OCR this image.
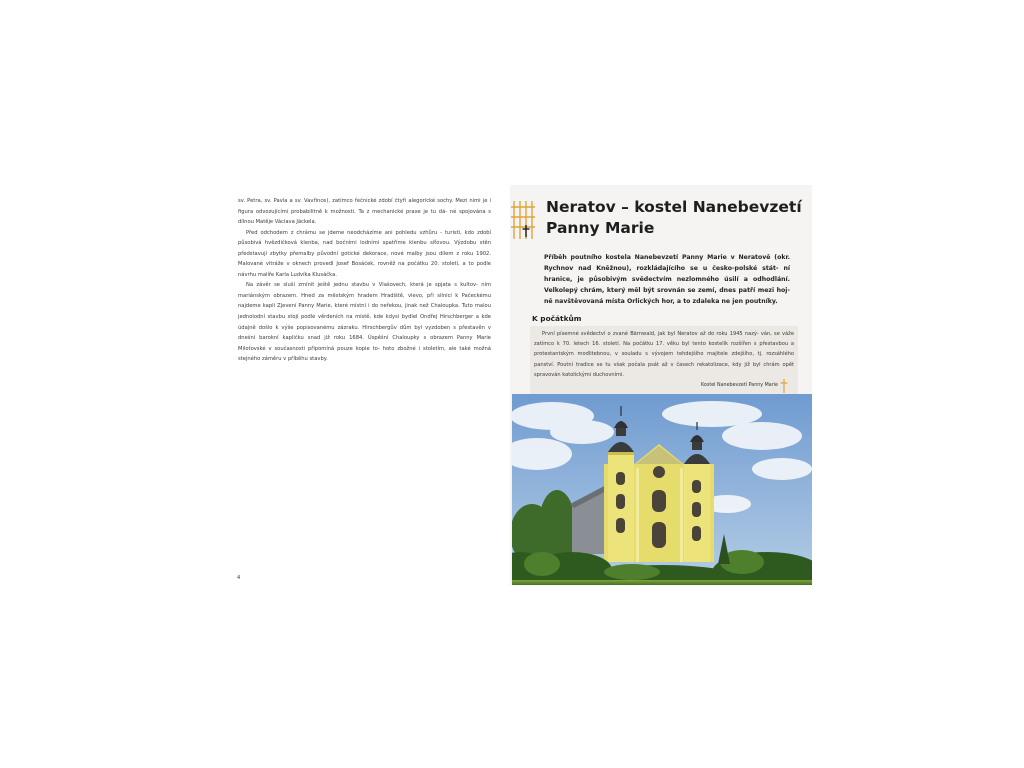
sv. Petra, sv. Pavla a sv. Vavřince), zatímco řečnické zdobí čtyři alegorické sochy. Mezi nimi je i figura odvozujícími probabilitně k možnosti. Ta z mechanické praxe je tu dá- né spojována s dílnou Matěje Václava Jäckela.

Před odchodem z chrámu se jdeme neodcházíme ani pohledu vzhůru - turisti, kdo zdobí působivá hvězdičková klenba, nad bočními lodními spatříme klenbu síťovou. Výzdobu stěn představují zbytky přemalby původní gotické dekorace, nové malby jsou dílem z roku 1902. Malované vitráže v oknech provedl Josef Bosáček, rovněž na počátku 20. století, a to podle návrhu malíře Karla Ludvíka Klusáčka.

Na závěr se sluší zmínit ještě jednu stavbu v Vlašovech, která je spjata s kultov- ním mariánským obrazem. Hned za městským hradem Hradiště, vlevo, při silnici k Pačeckému najdeme kapli Zjevení Panny Marie, které místní i do neřekou, jinak než Chaloupka. Tuto malou jednolodní stavbu stojí podle věrdeních na místě, kde kdysi bydlel Ondřej Hirschberger a kde údajně došlo k výše popisovanému zázraku. Hirschbergův dům byl vyzdoben s přestavěn v dnešní barokní kapličku snad již roku 1684. Úspěšní Chaloupky s obrazem Panny Marie Milotovské v současnosti připomíná pouze kopie to- hoto zbožné i stoletím, ale také možná stejného záměru v příběhu stavby.

4
Neratov – kostel Nanebevzetí Panny Marie

Příběh poutního kostela Nanebevzetí Panny Marie v Neratově (okr. Rychnov nad Kněžnou), rozkládajícího se u česko-polské stát- ní hranice, je působivým svědectvím nezlomného úsilí a odhodlání. Velkolepý chrám, který měl být srovnán se zemí, dnes patří mezi hoj- ně navštěvovaná místa Orlických hor, a to zdaleka ne jen poutníky.

K počátkům

První písemné svědectví o zvané Bärnwald, jak byl Neratov až do roku 1945 nazý- ván, se váže zatímco k 70. letech 16. století. Na počátku 17. věku byl tento kostelík rozšířen s přestavbou a protestantským modlitebnou, v souladu s vývojem tehdejšího majitele zdejšího, tj. rozsáhlého panství. Poutní tradice se tu však počala psát až v časech rekatolizace, kdy již byl chrám opět spravován katolickými duchovními.

Kostel Nanebevzetí Panny Marie
